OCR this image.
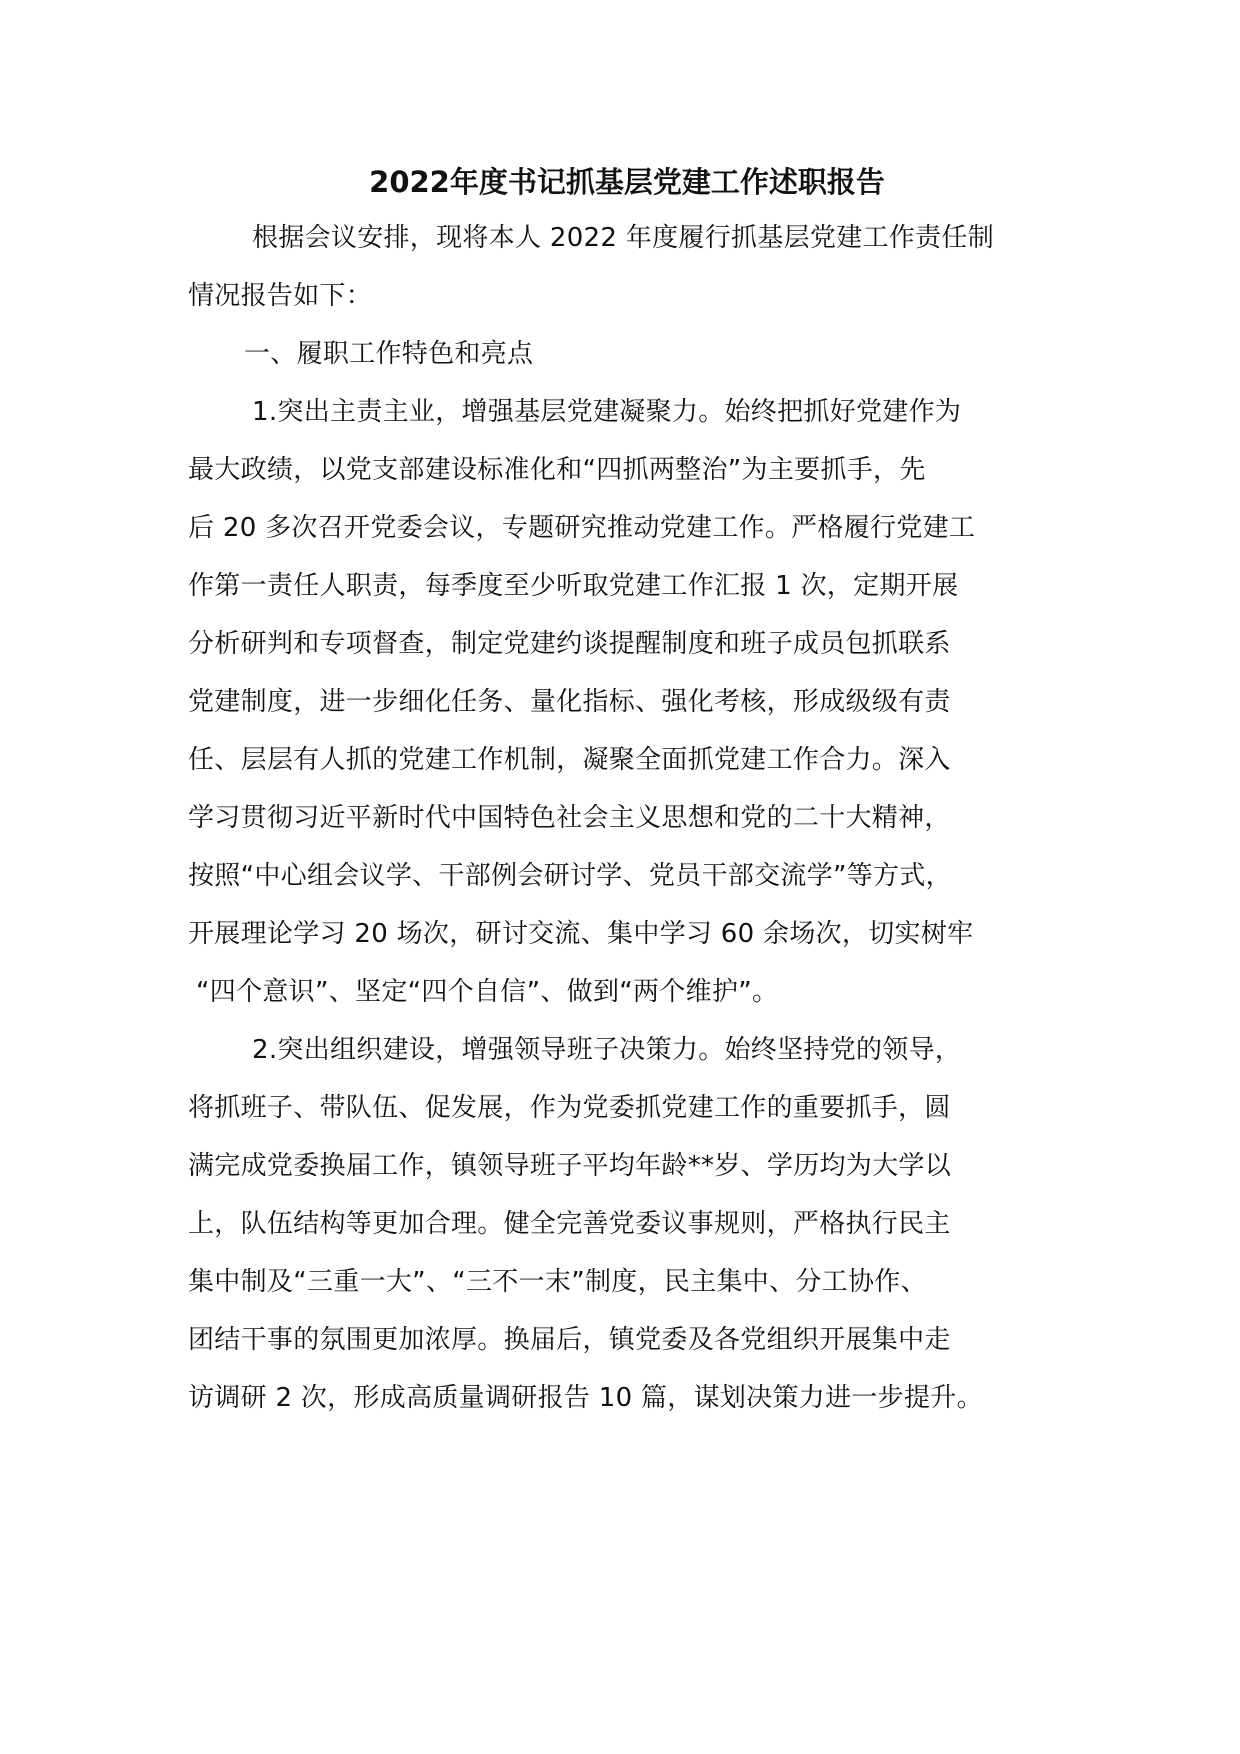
2022年度书记抓基层党建工作述职报告
根据会议安排，现将本人 2022 年度履行抓基层党建工作责任制
情况报告如下：
一、履职工作特色和亮点
1.突出主责主业，增强基层党建凝聚力。始终把抓好党建作为
最大政绩，以党支部建设标准化和“四抓两整治”为主要抓手，先
后 20 多次召开党委会议，专题研究推动党建工作。严格履行党建工
作第一责任人职责，每季度至少听取党建工作汇报 1 次，定期开展
分析研判和专项督查，制定党建约谈提醒制度和班子成员包抓联系
党建制度，进一步细化任务、量化指标、强化考核，形成级级有责
任、层层有人抓的党建工作机制，凝聚全面抓党建工作合力。深入
学习贯彻习近平新时代中国特色社会主义思想和党的二十大精神，
按照“中心组会议学、干部例会研讨学、党员干部交流学”等方式，
开展理论学习 20 场次，研讨交流、集中学习 60 余场次，切实树牢
“四个意识”、坚定“四个自信”、做到“两个维护”。
2.突出组织建设，增强领导班子决策力。始终坚持党的领导，
将抓班子、带队伍、促发展，作为党委抓党建工作的重要抓手，圆
满完成党委换届工作，镇领导班子平均年龄**岁、学历均为大学以
上，队伍结构等更加合理。健全完善党委议事规则，严格执行民主
集中制及“三重一大”、“三不一末”制度，民主集中、分工协作、
团结干事的氛围更加浓厚。换届后，镇党委及各党组织开展集中走
访调研 2 次，形成高质量调研报告 10 篇，谋划决策力进一步提升。
